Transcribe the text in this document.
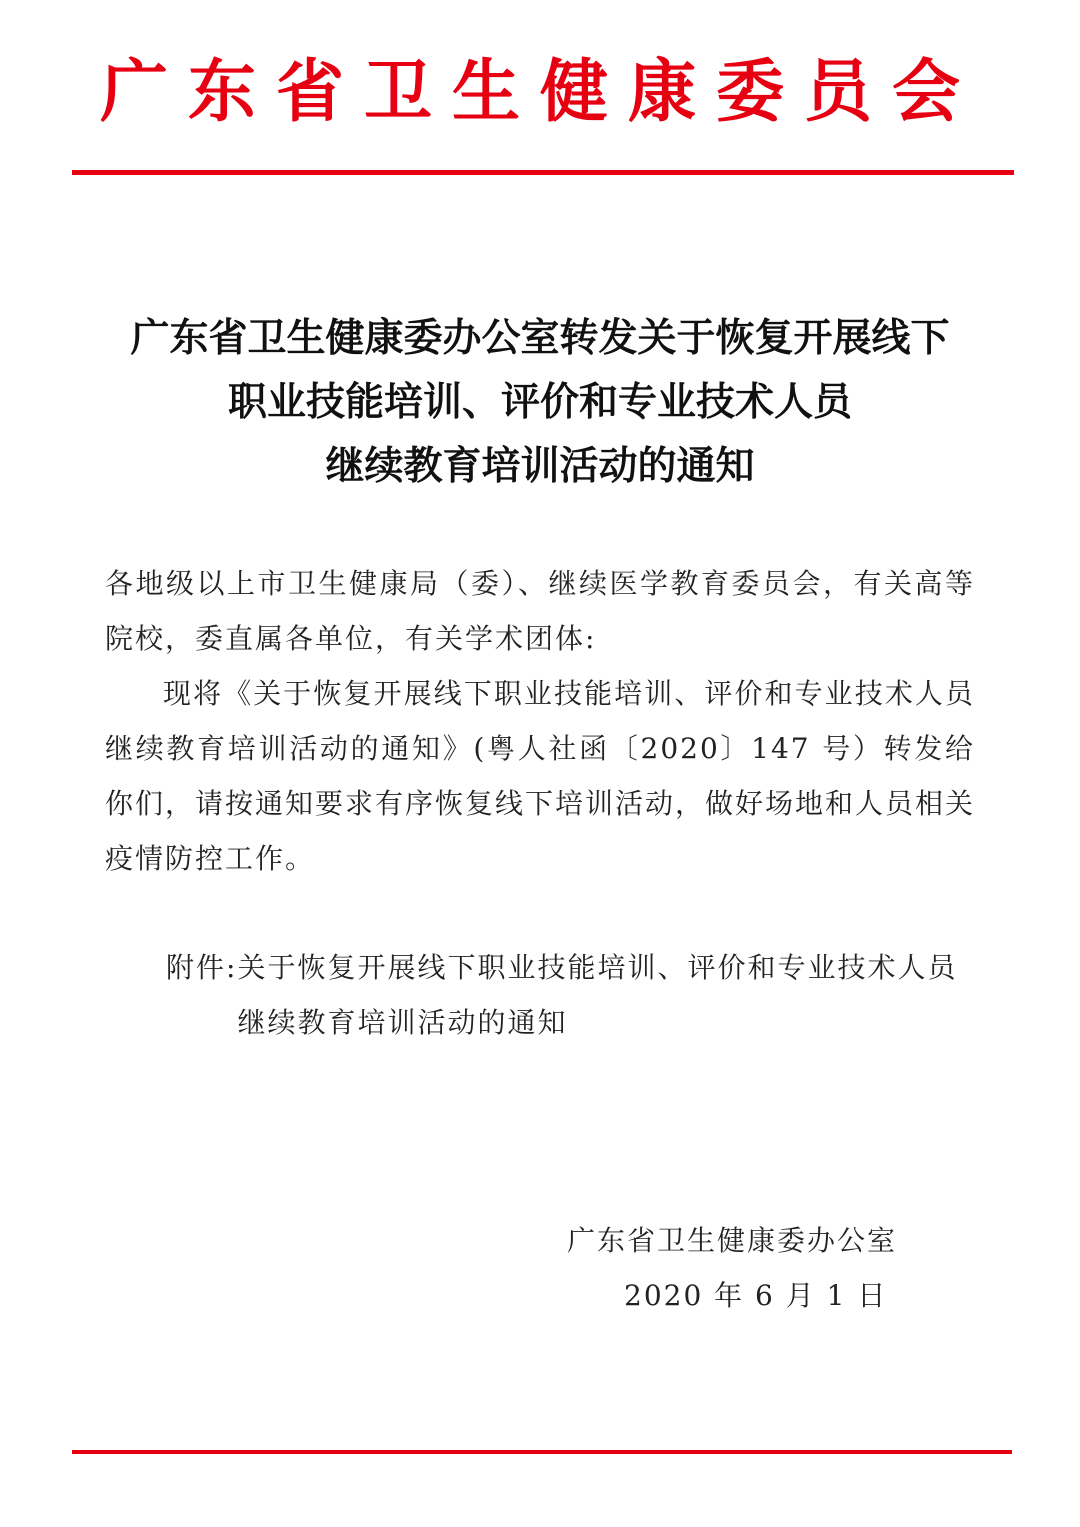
广东省卫生健康委员会
广东省卫生健康委办公室转发关于恢复开展线下
职业技能培训、评价和专业技术人员
继续教育培训活动的通知

各地级以上市卫生健康局（委）、继续医学教育委员会，有关高等院校，委直属各单位，有关学术团体:

现将《关于恢复开展线下职业技能培训、评价和专业技术人员继续教育培训活动的通知》(粤人社函〔2020〕147 号）转发给你们，请按通知要求有序恢复线下培训活动，做好场地和人员相关疫情防控工作。

附件: 关于恢复开展线下职业技能培训、评价和专业技术人员继续教育培训活动的通知
广东省卫生健康委办公室
2020 年 6 月 1 日
